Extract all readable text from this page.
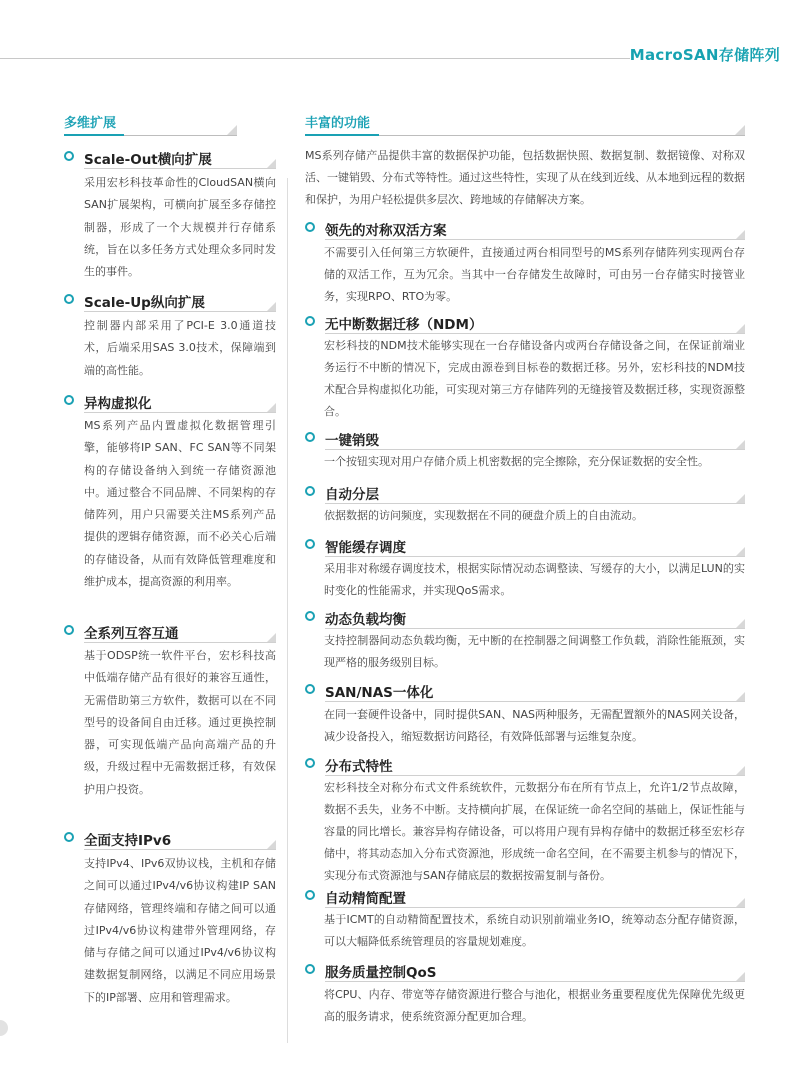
MacroSAN存储阵列
多维扩展
Scale-Out横向扩展
采用宏杉科技革命性的CloudSAN横向SAN扩展架构，可横向扩展至多存储控制器，形成了一个大规模并行存储系统，旨在以多任务方式处理众多同时发生的事件。
Scale-Up纵向扩展
控制器内部采用了PCI-E 3.0通道技术，后端采用SAS 3.0技术，保障端到端的高性能。
异构虚拟化
MS系列产品内置虚拟化数据管理引擎，能够将IP SAN、FC SAN等不同架构的存储设备纳入到统一存储资源池中。通过整合不同品牌、不同架构的存储阵列，用户只需要关注MS系列产品提供的逻辑存储资源，而不必关心后端的存储设备，从而有效降低管理难度和维护成本，提高资源的利用率。
全系列互容互通
基于ODSP统一软件平台，宏杉科技高中低端存储产品有很好的兼容互通性，无需借助第三方软件，数据可以在不同型号的设备间自由迁移。通过更换控制器，可实现低端产品向高端产品的升级，升级过程中无需数据迁移，有效保护用户投资。
全面支持IPv6
支持IPv4、IPv6双协议栈，主机和存储之间可以通过IPv4/v6协议构建IP SAN存储网络，管理终端和存储之间可以通过IPv4/v6协议构建带外管理网络，存储与存储之间可以通过IPv4/v6协议构建数据复制网络，以满足不同应用场景下的IP部署、应用和管理需求。
丰富的功能
MS系列存储产品提供丰富的数据保护功能，包括数据快照、数据复制、数据镜像、对称双活、一键销毁、分布式等特性。通过这些特性，实现了从在线到近线、从本地到远程的数据和保护，为用户轻松提供多层次、跨地域的存储解决方案。
领先的对称双活方案
不需要引入任何第三方软硬件，直接通过两台相同型号的MS系列存储阵列实现两台存储的双活工作，互为冗余。当其中一台存储发生故障时，可由另一台存储实时接管业务，实现RPO、RTO为零。
无中断数据迁移（NDM）
宏杉科技的NDM技术能够实现在一台存储设备内或两台存储设备之间，在保证前端业务运行不中断的情况下，完成由源卷到目标卷的数据迁移。另外，宏杉科技的NDM技术配合异构虚拟化功能，可实现对第三方存储阵列的无缝接管及数据迁移，实现资源整合。
一键销毁
一个按钮实现对用户存储介质上机密数据的完全擦除，充分保证数据的安全性。
自动分层
依据数据的访问频度，实现数据在不同的硬盘介质上的自由流动。
智能缓存调度
采用非对称缓存调度技术，根据实际情况动态调整读、写缓存的大小，以满足LUN的实时变化的性能需求，并实现QoS需求。
动态负载均衡
支持控制器间动态负载均衡，无中断的在控制器之间调整工作负载，消除性能瓶颈，实现严格的服务级别目标。
SAN/NAS一体化
在同一套硬件设备中，同时提供SAN、NAS两种服务，无需配置额外的NAS网关设备，减少设备投入，缩短数据访问路径，有效降低部署与运维复杂度。
分布式特性
宏杉科技全对称分布式文件系统软件，元数据分布在所有节点上，允许1/2节点故障，数据不丢失，业务不中断。支持横向扩展，在保证统一命名空间的基础上，保证性能与容量的同比增长。兼容异构存储设备，可以将用户现有异构存储中的数据迁移至宏杉存储中，将其动态加入分布式资源池，形成统一命名空间，在不需要主机参与的情况下，实现分布式资源池与SAN存储底层的数据按需复制与备份。
自动精简配置
基于ICMT的自动精简配置技术，系统自动识别前端业务IO，统筹动态分配存储资源，可以大幅降低系统管理员的容量规划难度。
服务质量控制QoS
将CPU、内存、带宽等存储资源进行整合与池化，根据业务重要程度优先保障优先级更高的服务请求，使系统资源分配更加合理。
